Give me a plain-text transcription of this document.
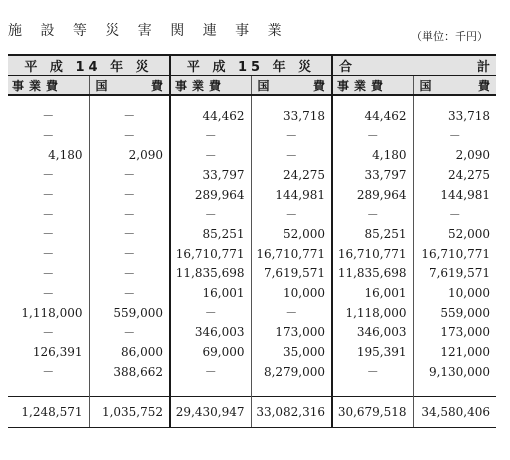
施 設 等 災 害 関 連 事 業	（単位：千円）
平 成 14 年 災		平 成 15 年 災		合 計	

事業費	国 費	事業費	国 費	事業費	国 費

－	－	44,462	33,718	44,462	33,718
－	－	－	－	－	－
4,180	2,090	－	－	4,180	2,090
－	－	33,797	24,275	33,797	24,275
－	－	289,964	144,981	289,964	144,981
－	－	－	－	－	－
－	－	85,251	52,000	85,251	52,000
－	－	16,710,771	16,710,771	16,710,771	16,710,771
－	－	11,835,698	7,619,571	11,835,698	7,619,571
－	－	16,001	10,000	16,001	10,000
1,118,000	559,000	－	－	1,118,000	559,000
－	－	346,003	173,000	346,003	173,000
126,391	86,000	69,000	35,000	195,391	121,000
－	388,662	－	8,279,000	－	9,130,000

1,248,571	1,035,752	29,430,947	33,082,316	30,679,518	34,580,406
